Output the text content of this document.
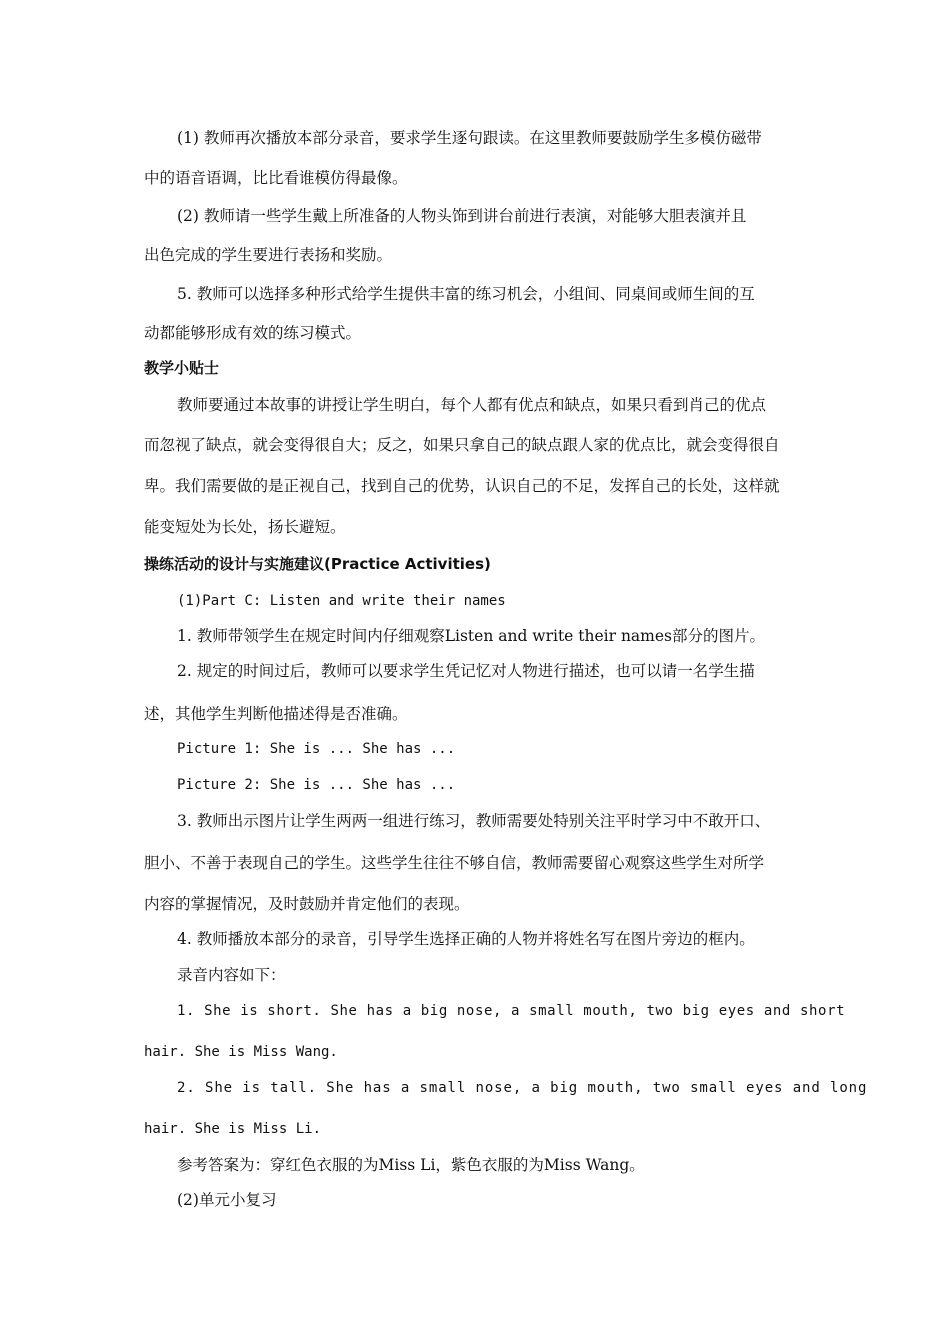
(1) 教师再次播放本部分录音，要求学生逐句跟读。在这里教师要鼓励学生多模仿磁带
中的语音语调，比比看谁模仿得最像。
(2) 教师请一些学生戴上所准备的人物头饰到讲台前进行表演，对能够大胆表演并且
出色完成的学生要进行表扬和奖励。
5. 教师可以选择多种形式给学生提供丰富的练习机会，小组间、同桌间或师生间的互
动都能够形成有效的练习模式。
教学小贴士
教师要通过本故事的讲授让学生明白，每个人都有优点和缺点，如果只看到肖己的优点
而忽视了缺点，就会变得很自大；反之，如果只拿自己的缺点跟人家的优点比，就会变得很自
卑。我们需要做的是正视自己，找到自己的优势，认识自己的不足，发挥自己的长处，这样就
能变短处为长处，扬长避短。
操练活动的设计与实施建议(Practice Activities)
(1)Part C: Listen and write their names
1. 教师带领学生在规定时间内仔细观察Listen and write their names部分的图片。
2. 规定的时间过后，教师可以要求学生凭记忆对人物进行描述，也可以请一名学生描
述，其他学生判断他描述得是否准确。
Picture 1: She is ... She has ...
Picture 2: She is ... She has ...
3. 教师出示图片让学生两两一组进行练习，教师需要处特别关注平时学习中不敢开口、
胆小、不善于表现自己的学生。这些学生往往不够自信，教师需要留心观察这些学生对所学
内容的掌握情况，及时鼓励并肯定他们的表现。
4. 教师播放本部分的录音，引导学生选择正确的人物并将姓名写在图片旁边的框内。
录音内容如下：
1. She is short. She has a big nose, a small mouth, two big eyes and short
hair. She is Miss Wang.
2. She is tall. She has a small nose, a big mouth, two small eyes and long
hair. She is Miss Li.
参考答案为：穿红色衣服的为Miss Li，紫色衣服的为Miss Wang。
(2)单元小复习
